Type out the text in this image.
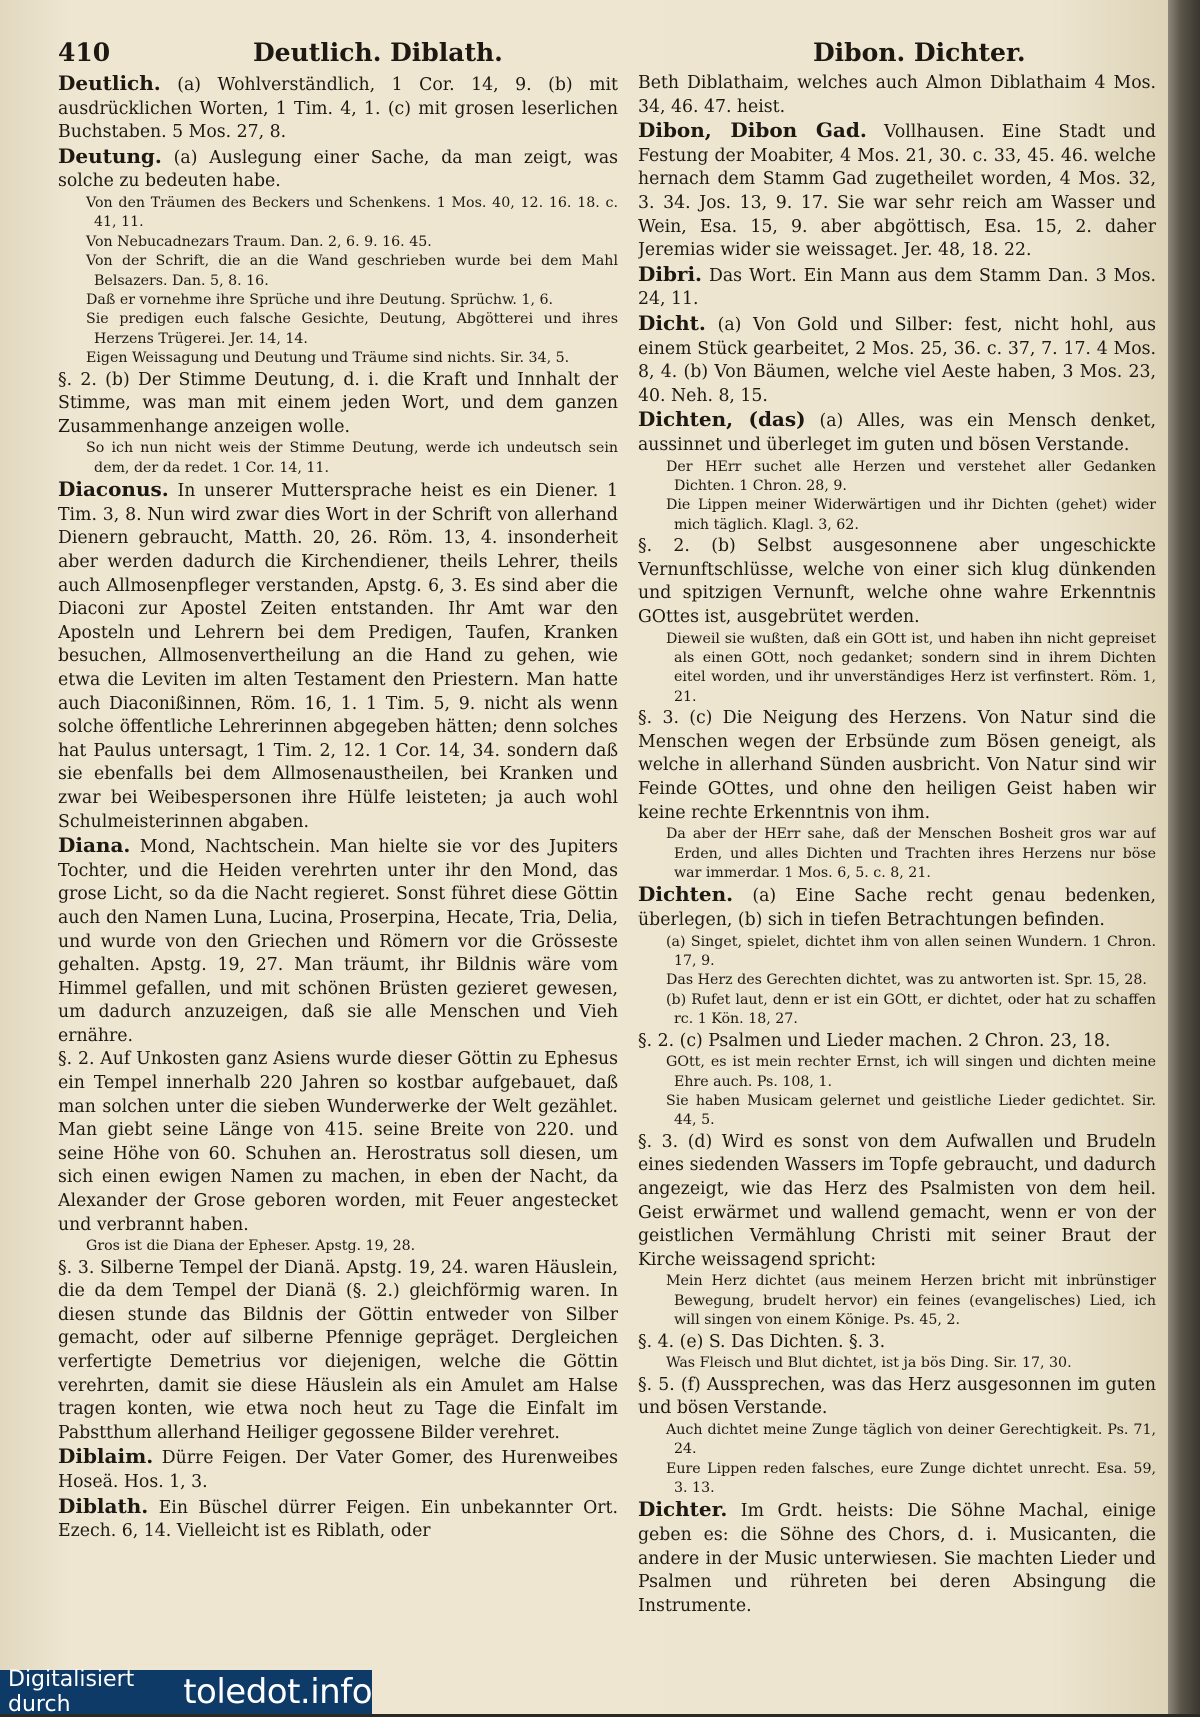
410	Deutlich. Diblath.	Dibon. Dichter.

Deutlich. (a) Wohlverständlich, 1 Cor. 14, 9. (b) mit ausdrücklichen Worten, 1 Tim. 4, 1. (c) mit grosen leserlichen Buchstaben. 5 Mos. 27, 8.

Deutung. (a) Auslegung einer Sache, da man zeigt, was solche zu bedeuten habe.

Von den Träumen des Beckers und Schenkens. 1 Mos. 40, 12. 16. 18. c. 41, 11.

Von Nebucadnezars Traum. Dan. 2, 6. 9. 16. 45.

Von der Schrift, die an die Wand geschrieben wurde bei dem Mahl Belsazers. Dan. 5, 8. 16.

Daß er vornehme ihre Sprüche und ihre Deutung. Sprüchw. 1, 6.

Sie predigen euch falsche Gesichte, Deutung, Abgötterei und ihres Herzens Trügerei. Jer. 14, 14.

Eigen Weissagung und Deutung und Träume sind nichts. Sir. 34, 5.

§. 2. (b) Der Stimme Deutung, d. i. die Kraft und Innhalt der Stimme, was man mit einem jeden Wort, und dem ganzen Zusammenhange anzeigen wolle.

So ich nun nicht weis der Stimme Deutung, werde ich undeutsch sein dem, der da redet. 1 Cor. 14, 11.

Diaconus. In unserer Muttersprache heist es ein Diener. 1 Tim. 3, 8. Nun wird zwar dies Wort in der Schrift von allerhand Dienern gebraucht, Matth. 20, 26. Röm. 13, 4. insonderheit aber werden dadurch die Kirchendiener, theils Lehrer, theils auch Allmosenpfleger verstanden, Apstg. 6, 3. Es sind aber die Diaconi zur Apostel Zeiten entstanden. Ihr Amt war den Aposteln und Lehrern bei dem Predigen, Taufen, Kranken besuchen, Allmosenvertheilung an die Hand zu gehen, wie etwa die Leviten im alten Testament den Priestern. Man hatte auch Diaconißinnen, Röm. 16, 1. 1 Tim. 5, 9. nicht als wenn solche öffentliche Lehrerinnen abgegeben hätten; denn solches hat Paulus untersagt, 1 Tim. 2, 12. 1 Cor. 14, 34. sondern daß sie ebenfalls bei dem Allmosenaustheilen, bei Kranken und zwar bei Weibespersonen ihre Hülfe leisteten; ja auch wohl Schulmeisterinnen abgaben.

Diana. Mond, Nachtschein. Man hielte sie vor des Jupiters Tochter, und die Heiden verehrten unter ihr den Mond, das grose Licht, so da die Nacht regieret. Sonst führet diese Göttin auch den Namen Luna, Lucina, Proserpina, Hecate, Tria, Delia, und wurde von den Griechen und Römern vor die Grösseste gehalten. Apstg. 19, 27. Man träumt, ihr Bildnis wäre vom Himmel gefallen, und mit schönen Brüsten gezieret gewesen, um dadurch anzuzeigen, daß sie alle Menschen und Vieh ernähre.

§. 2. Auf Unkosten ganz Asiens wurde dieser Göttin zu Ephesus ein Tempel innerhalb 220 Jahren so kostbar aufgebauet, daß man solchen unter die sieben Wunderwerke der Welt gezählet. Man giebt seine Länge von 415. seine Breite von 220. und seine Höhe von 60. Schuhen an. Herostratus soll diesen, um sich einen ewigen Namen zu machen, in eben der Nacht, da Alexander der Grose geboren worden, mit Feuer angestecket und verbrannt haben.

Gros ist die Diana der Epheser. Apstg. 19, 28.

§. 3. Silberne Tempel der Dianä. Apstg. 19, 24. waren Häuslein, die da dem Tempel der Dianä (§. 2.) gleichförmig waren. In diesen stunde das Bildnis der Göttin entweder von Silber gemacht, oder auf silberne Pfennige gepräget. Dergleichen verfertigte Demetrius vor diejenigen, welche die Göttin verehrten, damit sie diese Häuslein als ein Amulet am Halse tragen konten, wie etwa noch heut zu Tage die Einfalt im Pabstthum allerhand Heiliger gegossene Bilder verehret.

Diblaim. Dürre Feigen. Der Vater Gomer, des Hurenweibes Hoseä. Hos. 1, 3.

Diblath. Ein Büschel dürrer Feigen. Ein unbekannter Ort. Ezech. 6, 14. Vielleicht ist es Riblath, oder

Beth Diblathaim, welches auch Almon Diblathaim 4 Mos. 34, 46. 47. heist.

Dibon, Dibon Gad. Vollhausen. Eine Stadt und Festung der Moabiter, 4 Mos. 21, 30. c. 33, 45. 46. welche hernach dem Stamm Gad zugetheilet worden, 4 Mos. 32, 3. 34. Jos. 13, 9. 17. Sie war sehr reich am Wasser und Wein, Esa. 15, 9. aber abgöttisch, Esa. 15, 2. daher Jeremias wider sie weissaget. Jer. 48, 18. 22.

Dibri. Das Wort. Ein Mann aus dem Stamm Dan. 3 Mos. 24, 11.

Dicht. (a) Von Gold und Silber: fest, nicht hohl, aus einem Stück gearbeitet, 2 Mos. 25, 36. c. 37, 7. 17. 4 Mos. 8, 4. (b) Von Bäumen, welche viel Aeste haben, 3 Mos. 23, 40. Neh. 8, 15.

Dichten, (das) (a) Alles, was ein Mensch denket, aussinnet und überleget im guten und bösen Verstande.

Der HErr suchet alle Herzen und verstehet aller Gedanken Dichten. 1 Chron. 28, 9.

Die Lippen meiner Widerwärtigen und ihr Dichten (gehet) wider mich täglich. Klagl. 3, 62.

§. 2. (b) Selbst ausgesonnene aber ungeschickte Vernunftschlüsse, welche von einer sich klug dünkenden und spitzigen Vernunft, welche ohne wahre Erkenntnis GOttes ist, ausgebrütet werden.

Dieweil sie wußten, daß ein GOtt ist, und haben ihn nicht gepreiset als einen GOtt, noch gedanket; sondern sind in ihrem Dichten eitel worden, und ihr unverständiges Herz ist verfinstert. Röm. 1, 21.

§. 3. (c) Die Neigung des Herzens. Von Natur sind die Menschen wegen der Erbsünde zum Bösen geneigt, als welche in allerhand Sünden ausbricht. Von Natur sind wir Feinde GOttes, und ohne den heiligen Geist haben wir keine rechte Erkenntnis von ihm.

Da aber der HErr sahe, daß der Menschen Bosheit gros war auf Erden, und alles Dichten und Trachten ihres Herzens nur böse war immerdar. 1 Mos. 6, 5. c. 8, 21.

Dichten. (a) Eine Sache recht genau bedenken, überlegen, (b) sich in tiefen Betrachtungen befinden.

(a) Singet, spielet, dichtet ihm von allen seinen Wundern. 1 Chron. 17, 9.

Das Herz des Gerechten dichtet, was zu antworten ist. Spr. 15, 28.

(b) Rufet laut, denn er ist ein GOtt, er dichtet, oder hat zu schaffen rc. 1 Kön. 18, 27.

§. 2. (c) Psalmen und Lieder machen. 2 Chron. 23, 18.

GOtt, es ist mein rechter Ernst, ich will singen und dichten meine Ehre auch. Ps. 108, 1.

Sie haben Musicam gelernet und geistliche Lieder gedichtet. Sir. 44, 5.

§. 3. (d) Wird es sonst von dem Aufwallen und Brudeln eines siedenden Wassers im Topfe gebraucht, und dadurch angezeigt, wie das Herz des Psalmisten von dem heil. Geist erwärmet und wallend gemacht, wenn er von der geistlichen Vermählung Christi mit seiner Braut der Kirche weissagend spricht:

Mein Herz dichtet (aus meinem Herzen bricht mit inbrünstiger Bewegung, brudelt hervor) ein feines (evangelisches) Lied, ich will singen von einem Könige. Ps. 45, 2.

§. 4. (e) S. Das Dichten. §. 3.

Was Fleisch und Blut dichtet, ist ja bös Ding. Sir. 17, 30.

§. 5. (f) Aussprechen, was das Herz ausgesonnen im guten und bösen Verstande.

Auch dichtet meine Zunge täglich von deiner Gerechtigkeit. Ps. 71, 24.

Eure Lippen reden falsches, eure Zunge dichtet unrecht. Esa. 59, 3. 13.

Dichter. Im Grdt. heists: Die Söhne Machal, einige geben es: die Söhne des Chors, d. i. Musicanten, die andere in der Music unterwiesen. Sie machten Lieder und Psalmen und rühreten bei deren Absingung die Instrumente.

Digitalisiert durch	toledot.info
